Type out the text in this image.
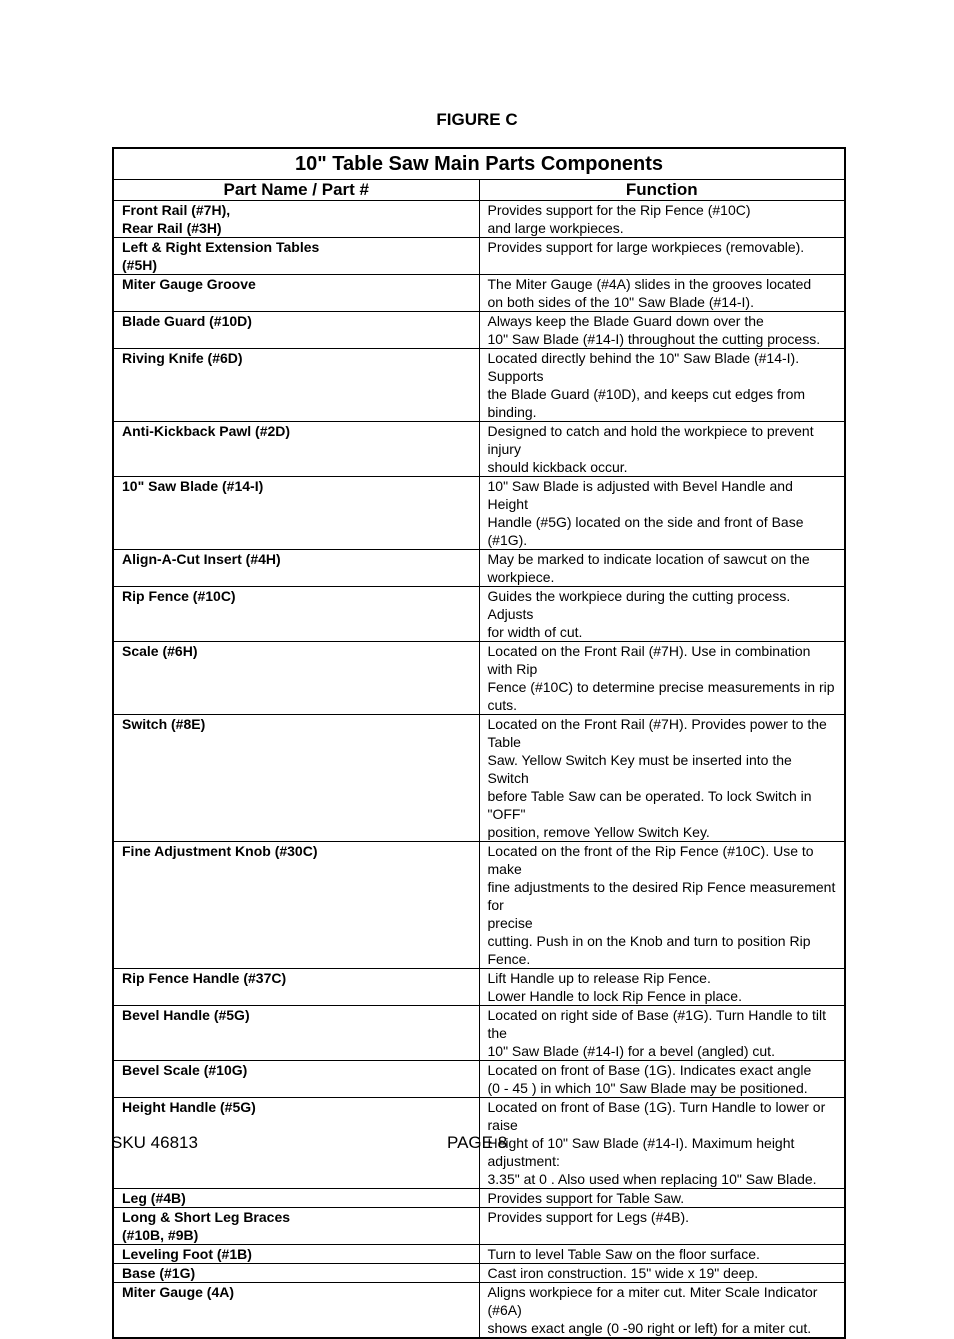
FIGURE C
10" Table Saw Main Parts Components	
Part Name / Part #	Function
Front Rail (#7H),
Rear Rail (#3H)	Provides support for the Rip Fence (#10C)
and large workpieces.
Left & Right Extension Tables
(#5H)	Provides support for large workpieces (removable).
Miter Gauge Groove	The Miter Gauge (#4A) slides in the grooves located
on both sides of the 10" Saw Blade (#14-I).
Blade Guard (#10D)	Always keep the Blade Guard down over the
10" Saw Blade (#14-I) throughout the cutting process.
Riving Knife (#6D)	Located directly behind the 10" Saw Blade (#14-I). Supports
the Blade Guard (#10D), and keeps cut edges from binding.
Anti-Kickback Pawl (#2D)	Designed to catch and hold the workpiece to prevent injury
should kickback occur.
10" Saw Blade (#14-I)	10" Saw Blade is adjusted with Bevel Handle and Height
Handle (#5G) located on the side and front of Base (#1G).
Align-A-Cut Insert (#4H)	May be marked to indicate location of sawcut on the workpiece.
Rip Fence (#10C)	Guides the workpiece during the cutting process. Adjusts
for width of cut.
Scale (#6H)	Located on the Front Rail (#7H). Use in combination with Rip
Fence (#10C) to determine precise measurements in rip cuts.
Switch (#8E)	Located on the Front Rail (#7H). Provides power to the Table
Saw. Yellow Switch Key must be inserted into the Switch
before Table Saw can be operated. To lock Switch in "OFF"
position, remove Yellow Switch Key.
Fine Adjustment Knob (#30C)	Located on the front of the Rip Fence (#10C). Use to make
fine adjustments to the desired Rip Fence measurement for
precise
cutting. Push in on the Knob and turn to position Rip Fence.
Rip Fence Handle (#37C)	Lift Handle up to release Rip Fence.
Lower Handle to lock Rip Fence in place.
Bevel Handle (#5G)	Located on right side of Base (#1G). Turn Handle to tilt the
10" Saw Blade (#14-I) for a bevel (angled) cut.
Bevel Scale (#10G)	Located on front of Base (1G). Indicates exact angle
(0 - 45 ) in which 10" Saw Blade may be positioned.
Height Handle (#5G)	Located on front of Base (1G). Turn Handle to lower or raise
Height of 10" Saw Blade (#14-I). Maximum height adjustment:
3.35" at 0 . Also used when replacing 10" Saw Blade.
Leg (#4B)	Provides support for Table Saw.
Long & Short Leg Braces
(#10B, #9B)	Provides support for Legs (#4B).
Leveling Foot (#1B)	Turn to level Table Saw on the floor surface.
Base (#1G)	Cast iron construction. 15" wide x 19" deep.
Miter Gauge (4A)	Aligns workpiece for a miter cut. Miter Scale Indicator (#6A)
shows exact angle (0 -90 right or left) for a miter cut.
SKU 46813	PAGE 8
